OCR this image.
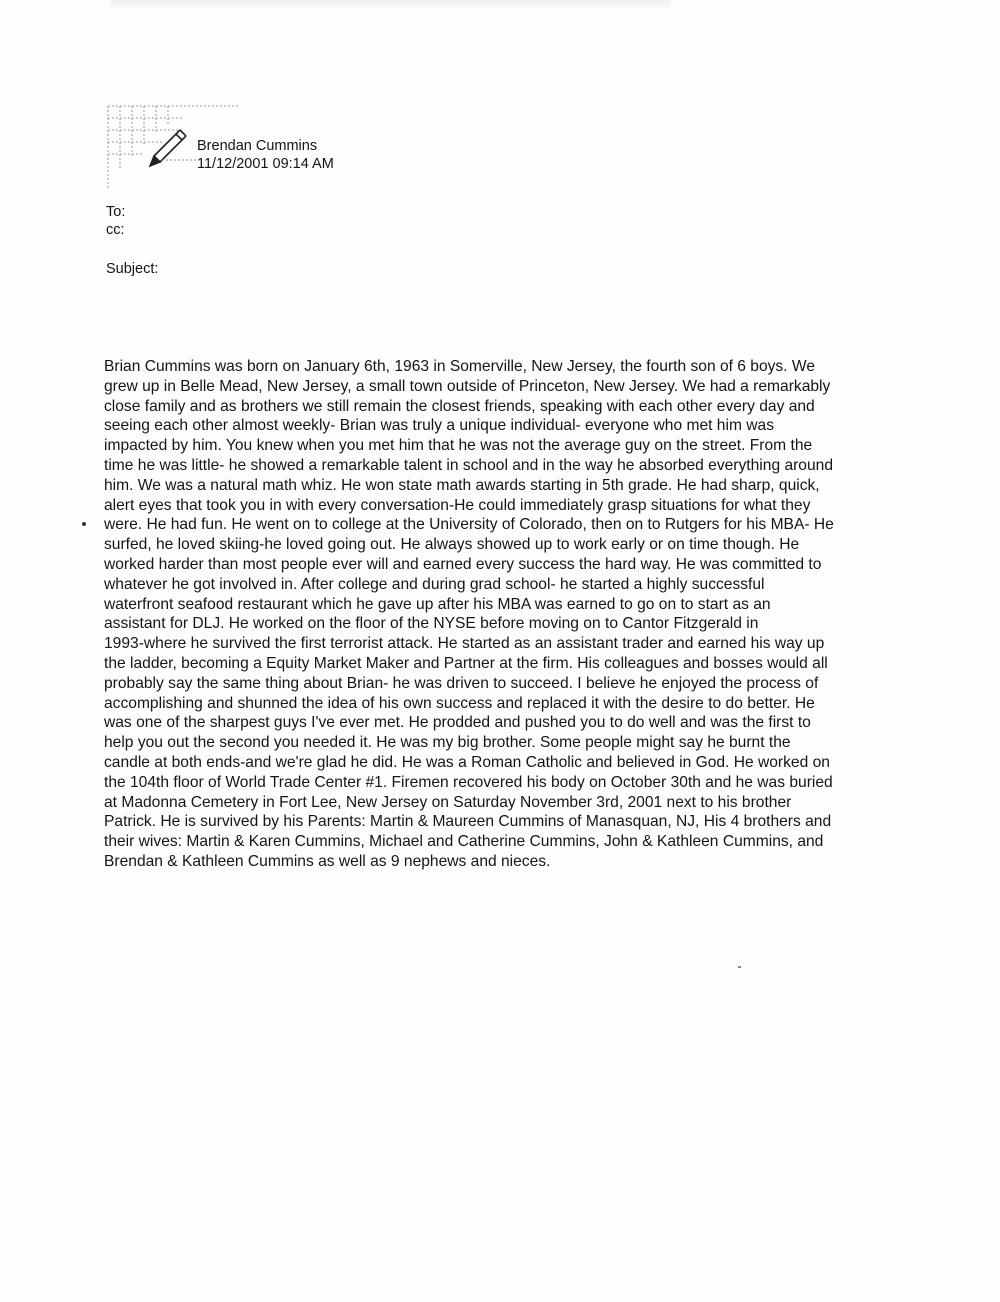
Brendan Cummins
11/12/2001 09:14 AM
To:
cc:
Subject:
Brian Cummins was born on January 6th, 1963 in Somerville, New Jersey, the fourth son of 6 boys. We
grew up in Belle Mead, New Jersey, a small town outside of Princeton, New Jersey. We had a remarkably
close family and as brothers we still remain the closest friends, speaking with each other every day and
seeing each other almost weekly- Brian was truly a unique individual- everyone who met him was
impacted by him. You knew when you met him that he was not the average guy on the street. From the
time he was little- he showed a remarkable talent in school and in the way he absorbed everything around
him. We was a natural math whiz. He won state math awards starting in 5th grade. He had sharp, quick,
alert eyes that took you in with every conversation-He could immediately grasp situations for what they
were. He had fun. He went on to college at the University of Colorado, then on to Rutgers for his MBA- He
surfed, he loved skiing-he loved going out. He always showed up to work early or on time though. He
worked harder than most people ever will and earned every success the hard way. He was committed to
whatever he got involved in. After college and during grad school- he started a highly successful
waterfront seafood restaurant which he gave up after his MBA was earned to go on to start as an
assistant for DLJ. He worked on the floor of the NYSE before moving on to Cantor Fitzgerald in
1993-where he survived the first terrorist attack. He started as an assistant trader and earned his way up
the ladder, becoming a Equity Market Maker and Partner at the firm. His colleagues and bosses would all
probably say the same thing about Brian- he was driven to succeed. I believe he enjoyed the process of
accomplishing and shunned the idea of his own success and replaced it with the desire to do better. He
was one of the sharpest guys I've ever met. He prodded and pushed you to do well and was the first to
help you out the second you needed it. He was my big brother. Some people might say he burnt the
candle at both ends-and we're glad he did. He was a Roman Catholic and believed in God. He worked on
the 104th floor of World Trade Center #1. Firemen recovered his body on October 30th and he was buried
at Madonna Cemetery in Fort Lee, New Jersey on Saturday November 3rd, 2001 next to his brother
Patrick. He is survived by his Parents: Martin & Maureen Cummins of Manasquan, NJ, His 4 brothers and
their wives: Martin & Karen Cummins, Michael and Catherine Cummins, John & Kathleen Cummins, and
Brendan & Kathleen Cummins as well as 9 nephews and nieces.
